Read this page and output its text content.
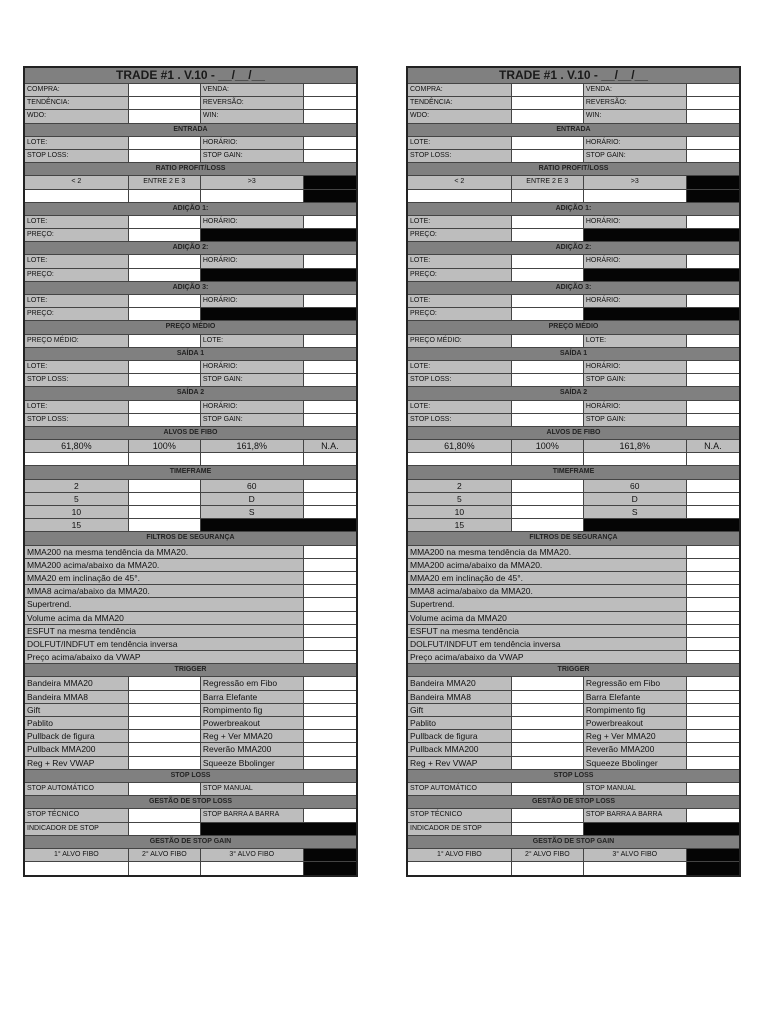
TRADE #1 . V.10 - __/__/__
COMPRA:	VENDA:
TENDÊNCIA:	REVERSÃO:
WDO:	WIN:
ENTRADA
LOTE:	HORÁRIO:
STOP LOSS:	STOP GAIN:
RATIO PROFIT/LOSS
< 2	ENTRE 2 E 3	>3
ADIÇÃO 1:
LOTE:	HORÁRIO:
PREÇO:
ADIÇÃO 2:
LOTE:	HORÁRIO:
PREÇO:
ADIÇÃO 3:
LOTE:	HORÁRIO:
PREÇO:
PREÇO MÉDIO
PREÇO MÉDIO:	LOTE:
SAÍDA 1
LOTE:	HORÁRIO:
STOP LOSS:	STOP GAIN:
SAÍDA 2
LOTE:	HORÁRIO:
STOP LOSS:	STOP GAIN:
ALVOS DE FIBO
61,80%	100%	161,8%	N.A.
TIMEFRAME
2	60
5	D
10	S
15
FILTROS DE SEGURANÇA
MMA200 na mesma tendência da MMA20.
MMA200 acima/abaixo da MMA20.
MMA20 em inclinação de 45°.
MMA8 acima/abaixo da MMA20.
Supertrend.
Volume acima da MMA20
ESFUT na mesma tendência
DOLFUT/INDFUT em tendência inversa
Preço acima/abaixo da VWAP
TRIGGER
Bandeira MMA20	Regressão em Fibo
Bandeira MMA8	Barra Elefante
Gift	Rompimento fig
Pablito	Powerbreakout
Pullback de figura	Reg + Ver MMA20
Pullback MMA200	Reverão MMA200
Reg + Rev VWAP	Squeeze Bbolinger
STOP LOSS
STOP AUTOMÁTICO	STOP MANUAL
GESTÃO DE STOP LOSS
STOP TÉCNICO	STOP BARRA A BARRA
INDICADOR DE STOP
GESTÃO DE STOP GAIN
1° ALVO FIBO	2° ALVO FIBO	3° ALVO FIBO
TRADE #1 . V.10 - __/__/__
COMPRA:	VENDA:
TENDÊNCIA:	REVERSÃO:
WDO:	WIN:
ENTRADA
LOTE:	HORÁRIO:
STOP LOSS:	STOP GAIN:
RATIO PROFIT/LOSS
< 2	ENTRE 2 E 3	>3
ADIÇÃO 1:
LOTE:	HORÁRIO:
PREÇO:
ADIÇÃO 2:
LOTE:	HORÁRIO:
PREÇO:
ADIÇÃO 3:
LOTE:	HORÁRIO:
PREÇO:
PREÇO MÉDIO
PREÇO MÉDIO:	LOTE:
SAÍDA 1
LOTE:	HORÁRIO:
STOP LOSS:	STOP GAIN:
SAÍDA 2
LOTE:	HORÁRIO:
STOP LOSS:	STOP GAIN:
ALVOS DE FIBO
61,80%	100%	161,8%	N.A.
TIMEFRAME
2	60
5	D
10	S
15
FILTROS DE SEGURANÇA
MMA200 na mesma tendência da MMA20.
MMA200 acima/abaixo da MMA20.
MMA20 em inclinação de 45°.
MMA8 acima/abaixo da MMA20.
Supertrend.
Volume acima da MMA20
ESFUT na mesma tendência
DOLFUT/INDFUT em tendência inversa
Preço acima/abaixo da VWAP
TRIGGER
Bandeira MMA20	Regressão em Fibo
Bandeira MMA8	Barra Elefante
Gift	Rompimento fig
Pablito	Powerbreakout
Pullback de figura	Reg + Ver MMA20
Pullback MMA200	Reverão MMA200
Reg + Rev VWAP	Squeeze Bbolinger
STOP LOSS
STOP AUTOMÁTICO	STOP MANUAL
GESTÃO DE STOP LOSS
STOP TÉCNICO	STOP BARRA A BARRA
INDICADOR DE STOP
GESTÃO DE STOP GAIN
1° ALVO FIBO	2° ALVO FIBO	3° ALVO FIBO
